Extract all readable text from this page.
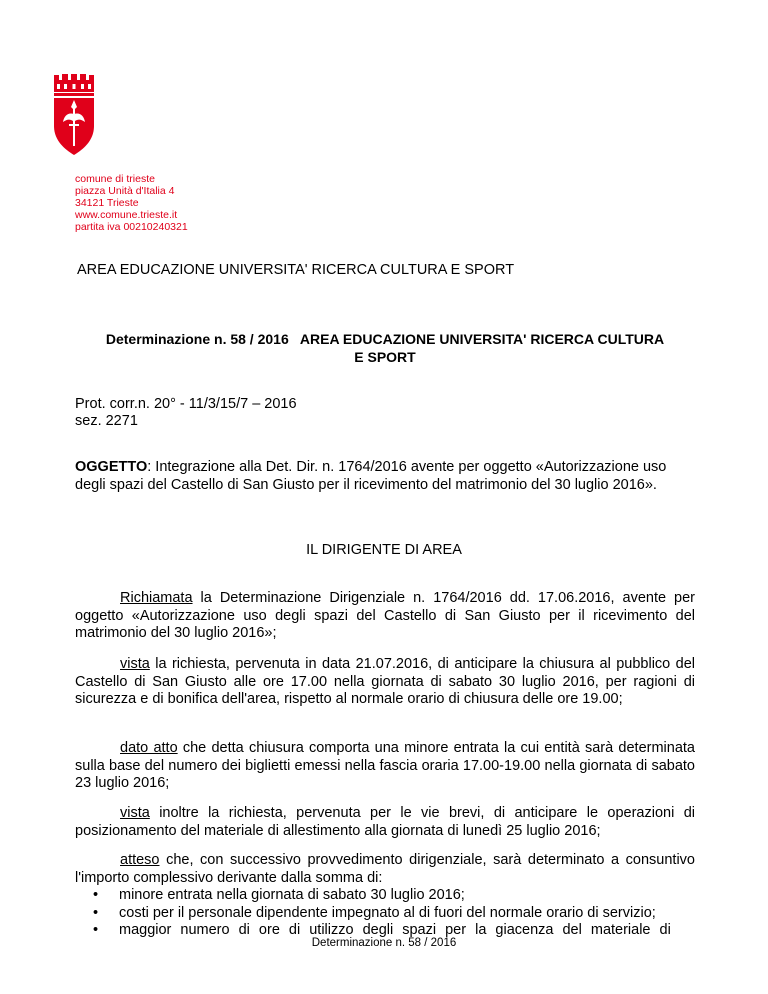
comune di trieste
piazza Unità d'Italia 4
34121 Trieste
www.comune.trieste.it
partita iva 00210240321
AREA EDUCAZIONE UNIVERSITA' RICERCA CULTURA E SPORT
Determinazione n. 58 / 2016   AREA EDUCAZIONE UNIVERSITA' RICERCA CULTURA
E SPORT
Prot. corr.n. 20° - 11/3/15/7 – 2016
sez. 2271
OGGETTO: Integrazione alla Det. Dir. n. 1764/2016 avente per oggetto «Autorizzazione uso degli spazi del Castello di San Giusto per il ricevimento del matrimonio del 30 luglio 2016».
IL DIRIGENTE DI AREA
Richiamata la Determinazione Dirigenziale n. 1764/2016 dd. 17.06.2016, avente per oggetto «Autorizzazione uso degli spazi del Castello di San Giusto per il ricevimento del matrimonio del 30 luglio 2016»;
vista la richiesta, pervenuta in data 21.07.2016, di anticipare la chiusura al pubblico del Castello di San Giusto alle ore 17.00 nella giornata di sabato 30 luglio 2016, per ragioni di sicurezza e di bonifica dell'area, rispetto al normale orario di chiusura delle ore 19.00;
dato atto che detta chiusura comporta una minore entrata la cui entità sarà determinata sulla base del numero dei biglietti emessi nella fascia oraria 17.00-19.00 nella giornata di sabato 23 luglio 2016;
vista inoltre la richiesta, pervenuta per le vie brevi, di anticipare le operazioni di posizionamento del materiale di allestimento alla giornata di lunedì 25 luglio 2016;
atteso che, con successivo provvedimento dirigenziale, sarà determinato a consuntivo l'importo complessivo derivante dalla somma di:
• minore entrata nella giornata di sabato 30 luglio 2016;
• costi per il personale dipendente impegnato al di fuori del normale orario di servizio;
• maggior numero di ore di utilizzo degli spazi per la giacenza del materiale di
Determinazione n. 58 / 2016
